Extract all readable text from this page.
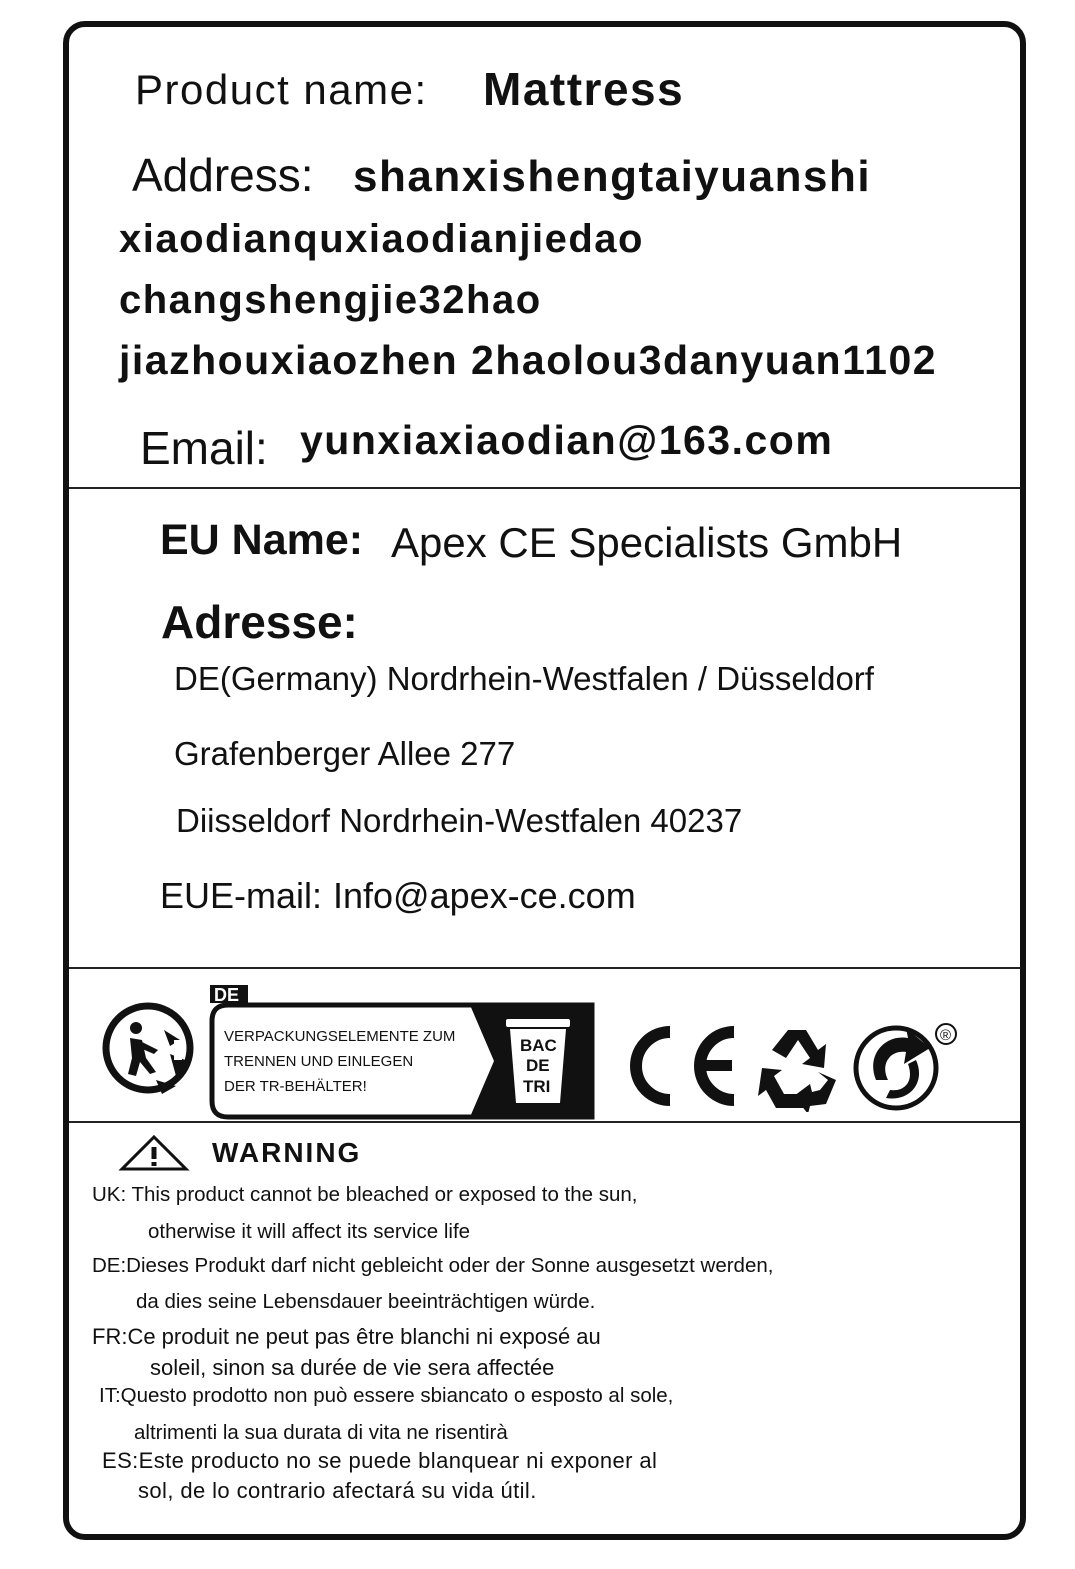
Product name: Mattress
Address: shanxishengtaiyuanshi
xiaodianquxiaodianjiedao
changshengjie32hao
jiazhouxiaozhen 2haolou3danyuan1102
Email: yunxiaxiaodian@163.com
EU Name: Apex CE Specialists GmbH
Adresse:
DE(Germany) Nordrhein-Westfalen / Düsseldorf
Grafenberger Allee 277
Diisseldorf Nordrhein-Westfalen 40237
EUE-mail: Info@apex-ce.com
DE
VERPACKUNGSELEMENTE ZUM
TRENNEN UND EINLEGEN
DER TR-BEHÄLTER!
BAC
DE
TRI
®
WARNING
UK: This product cannot be bleached or exposed to the sun,
otherwise it will affect its service life
DE:Dieses Produkt darf nicht gebleicht oder der Sonne ausgesetzt werden,
da dies seine Lebensdauer beeinträchtigen würde.
FR:Ce produit ne peut pas être blanchi ni exposé au
soleil, sinon sa durée de vie sera affectée
IT:Questo prodotto non può essere sbiancato o esposto al sole,
altrimenti la sua durata di vita ne risentirà
ES:Este producto no se puede blanquear ni exponer al
sol, de lo contrario afectará su vida útil.
